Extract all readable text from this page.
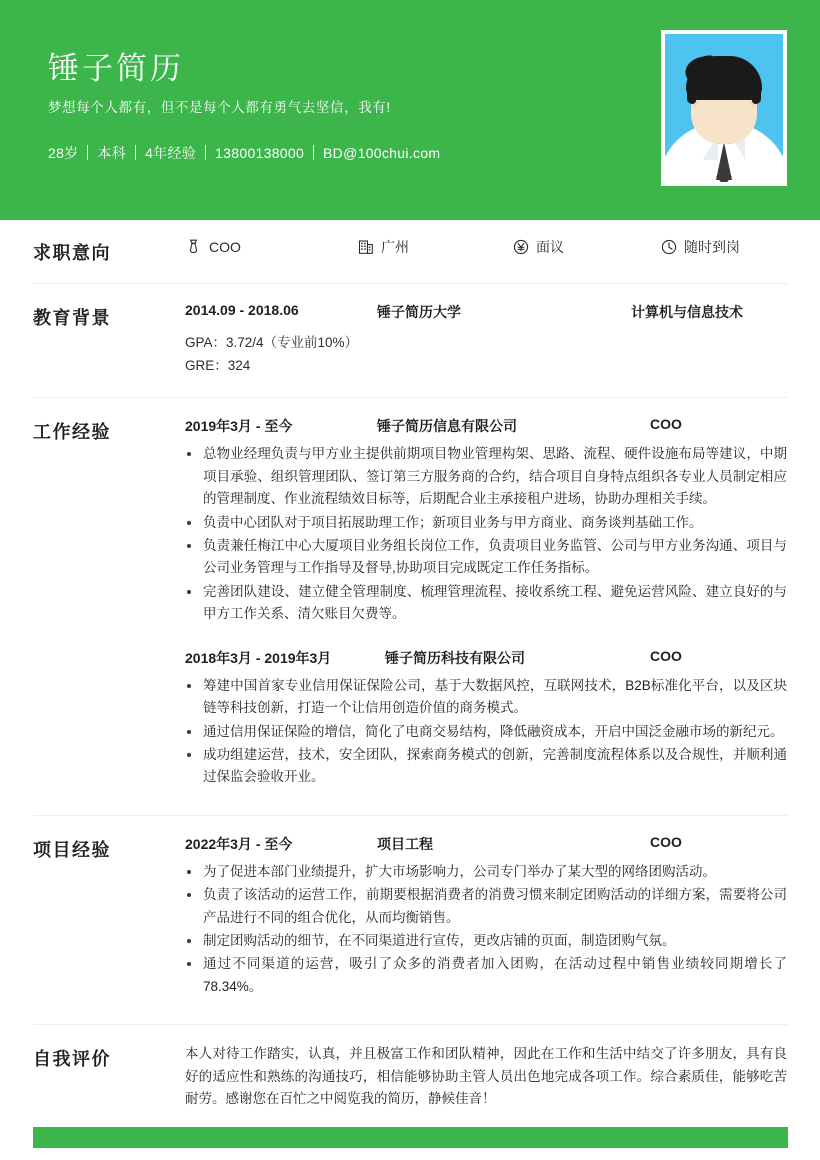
锤子简历
梦想每个人都有，但不是每个人都有勇气去坚信，我有!
28岁 本科 4年经验 13800138000 BD@100chui.com
求职意向	COO	广州	面议	随时到岗
教育背景	2014.09 - 2018.06	锤子简历大学	计算机与信息技术
GPA：3.72/4（专业前10%）
GRE：324
工作经验	2019年3月 - 至今	锤子简历信息有限公司	COO
总物业经理负责与甲方业主提供前期项目物业管理构架、思路、流程、硬件设施布局等建议，中期项目承验、组织管理团队、签订第三方服务商的合约，结合项目自身特点组织各专业人员制定相应的管理制度、作业流程绩效目标等，后期配合业主承接租户进场，协助办理相关手续。
负责中心团队对于项目拓展助理工作；新项目业务与甲方商业、商务谈判基础工作。
负责兼任梅江中心大厦项目业务组长岗位工作，负责项目业务监管、公司与甲方业务沟通、项目与公司业务管理与工作指导及督导,协助项目完成既定工作任务指标。
完善团队建设、建立健全管理制度、梳理管理流程、接收系统工程、避免运营风险、建立良好的与甲方工作关系、清欠账目欠费等。
2018年3月 - 2019年3月	锤子简历科技有限公司	COO
筹建中国首家专业信用保证保险公司，基于大数据风控，互联网技术，B2B标准化平台，以及区块链等科技创新，打造一个让信用创造价值的商务模式。
通过信用保证保险的增信，简化了电商交易结构，降低融资成本，开启中国泛金融市场的新纪元。
成功组建运营，技术，安全团队，探索商务模式的创新，完善制度流程体系以及合规性，并顺利通过保监会验收开业。
项目经验	2022年3月 - 至今	项目工程	COO
为了促进本部门业绩提升，扩大市场影响力，公司专门举办了某大型的网络团购活动。
负责了该活动的运营工作，前期要根据消费者的消费习惯来制定团购活动的详细方案，需要将公司产品进行不同的组合优化，从而均衡销售。
制定团购活动的细节，在不同渠道进行宣传，更改店铺的页面，制造团购气氛。
通过不同渠道的运营，吸引了众多的消费者加入团购，在活动过程中销售业绩较同期增长了78.34%。
自我评价	本人对待工作踏实，认真，并且极富工作和团队精神，因此在工作和生活中结交了许多朋友，具有良好的适应性和熟练的沟通技巧，相信能够协助主管人员出色地完成各项工作。综合素质佳，能够吃苦耐劳。感谢您在百忙之中阅览我的简历，静候佳音！
